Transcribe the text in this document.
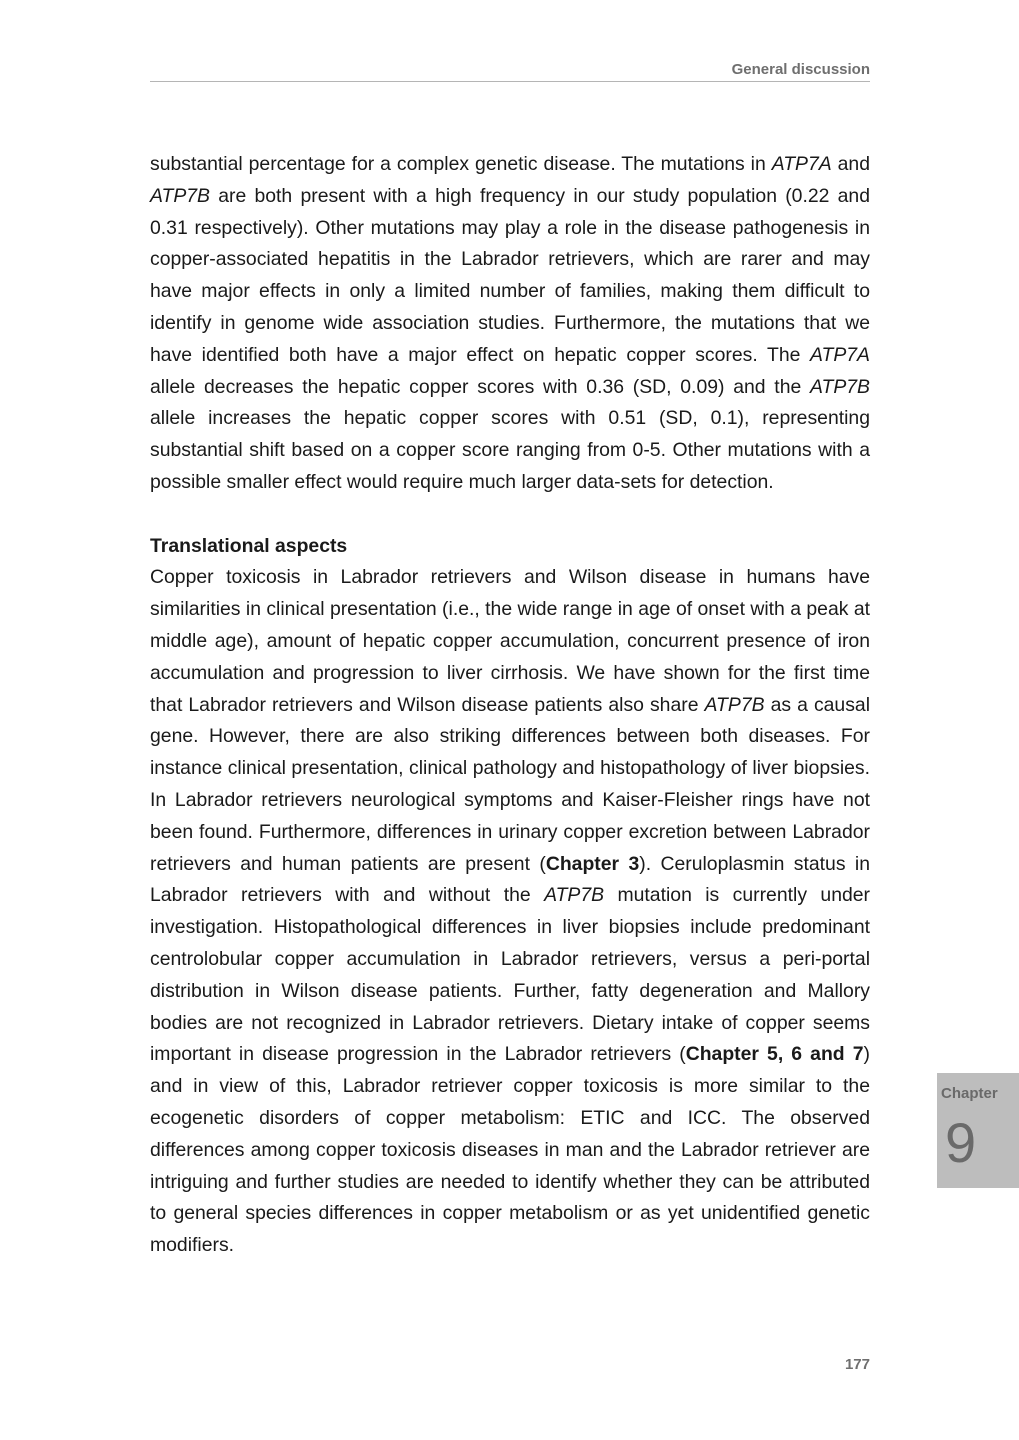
General discussion

substantial percentage for a complex genetic disease. The mutations in ATP7A and ATP7B are both present with a high frequency in our study population (0.22 and 0.31 respectively). Other mutations may play a role in the disease pathogenesis in copper-associated hepatitis in the Labrador retrievers, which are rarer and may have major effects in only a limited number of families, making them difficult to identify in genome wide association studies. Furthermore, the mutations that we have identified both have a major effect on hepatic copper scores. The ATP7A allele decreases the hepatic copper scores with 0.36 (SD, 0.09) and the ATP7B allele increases the hepatic copper scores with 0.51 (SD, 0.1), representing substantial shift based on a copper score ranging from 0-5. Other mutations with a possible smaller effect would require much larger data-sets for detection.

Translational aspects

Copper toxicosis in Labrador retrievers and Wilson disease in humans have similarities in clinical presentation (i.e., the wide range in age of onset with a peak at middle age), amount of hepatic copper accumulation, concurrent presence of iron accumulation and progression to liver cirrhosis. We have shown for the first time that Labrador retrievers and Wilson disease patients also share ATP7B as a causal gene. However, there are also striking differences between both diseases. For instance clinical presentation, clinical pathology and histopathology of liver biopsies. In Labrador retrievers neurological symptoms and Kaiser-Fleisher rings have not been found. Furthermore, differences in urinary copper excretion between Labrador retrievers and human patients are present (Chapter 3). Ceruloplasmin status in Labrador retrievers with and without the ATP7B mutation is currently under investigation. Histopathological differences in liver biopsies include predominant centrolobular copper accumulation in Labrador retrievers, versus a peri-portal distribution in Wilson disease patients. Further, fatty degeneration and Mallory bodies are not recognized in Labrador retrievers. Dietary intake of copper seems important in disease progression in the Labrador retrievers (Chapter 5, 6 and 7) and in view of this, Labrador retriever copper toxicosis is more similar to the ecogenetic disorders of copper metabolism: ETIC and ICC. The observed differences among copper toxicosis diseases in man and the Labrador retriever are intriguing and further studies are needed to identify whether they can be attributed to general species differences in copper metabolism or as yet unidentified genetic modifiers.

Chapter
9
177
